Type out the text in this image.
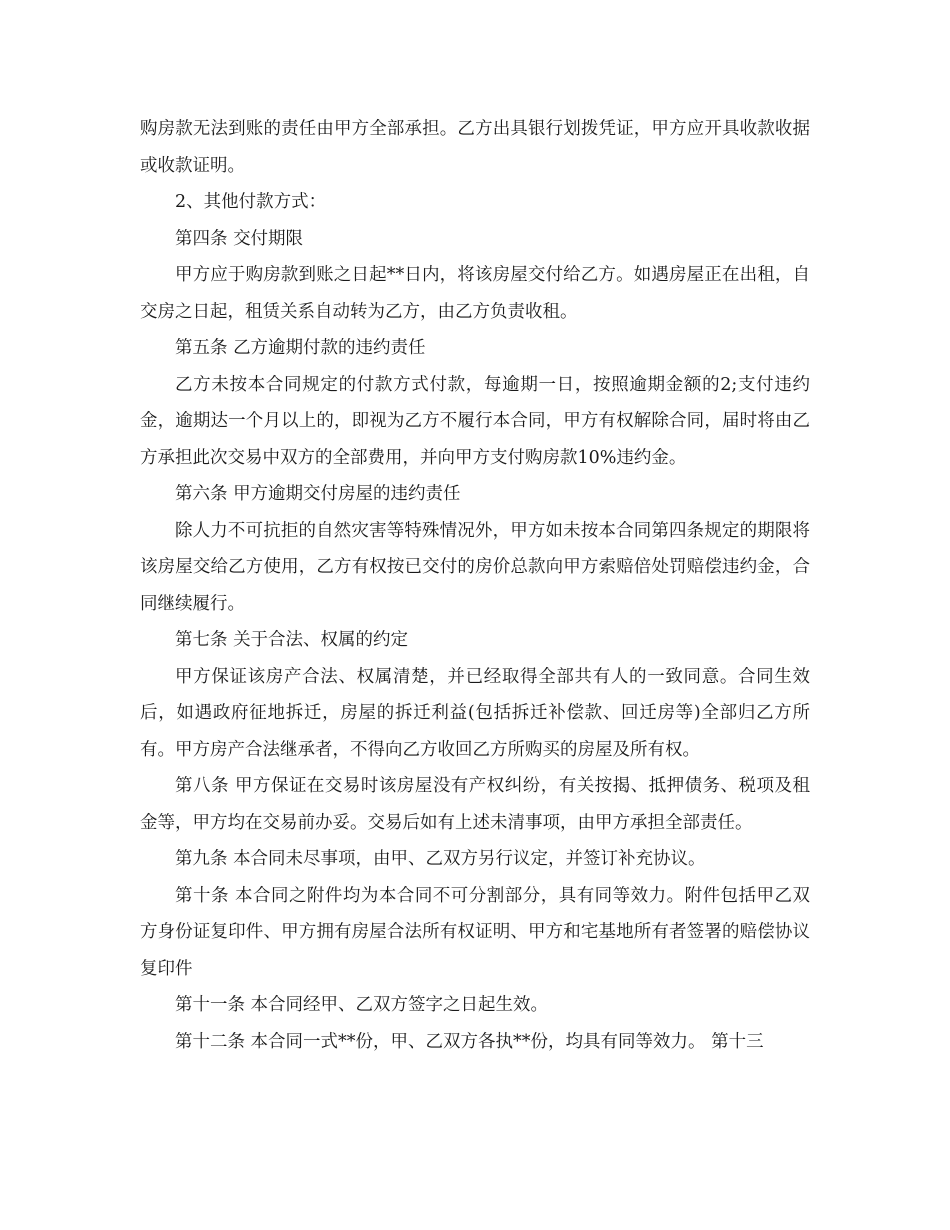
购房款无法到账的责任由甲方全部承担。乙方出具银行划拨凭证，甲方应开具收款收据或收款证明。

2、其他付款方式：

第四条 交付期限

甲方应于购房款到账之日起**日内，将该房屋交付给乙方。如遇房屋正在出租，自交房之日起，租赁关系自动转为乙方，由乙方负责收租。

第五条 乙方逾期付款的违约责任

乙方未按本合同规定的付款方式付款，每逾期一日，按照逾期金额的2;支付违约金，逾期达一个月以上的，即视为乙方不履行本合同，甲方有权解除合同，届时将由乙方承担此次交易中双方的全部费用，并向甲方支付购房款10%违约金。

第六条 甲方逾期交付房屋的违约责任

除人力不可抗拒的自然灾害等特殊情况外，甲方如未按本合同第四条规定的期限将该房屋交给乙方使用，乙方有权按已交付的房价总款向甲方索赔倍处罚赔偿违约金，合同继续履行。

第七条 关于合法、权属的约定

甲方保证该房产合法、权属清楚，并已经取得全部共有人的一致同意。合同生效后，如遇政府征地拆迁，房屋的拆迁利益(包括拆迁补偿款、回迁房等)全部归乙方所有。甲方房产合法继承者，不得向乙方收回乙方所购买的房屋及所有权。

第八条 甲方保证在交易时该房屋没有产权纠纷，有关按揭、抵押债务、税项及租金等，甲方均在交易前办妥。交易后如有上述未清事项，由甲方承担全部责任。

第九条 本合同未尽事项，由甲、乙双方另行议定，并签订补充协议。

第十条 本合同之附件均为本合同不可分割部分，具有同等效力。附件包括甲乙双方身份证复印件、甲方拥有房屋合法所有权证明、甲方和宅基地所有者签署的赔偿协议复印件

第十一条 本合同经甲、乙双方签字之日起生效。

第十二条 本合同一式**份，甲、乙双方各执**份，均具有同等效力。 第十三
